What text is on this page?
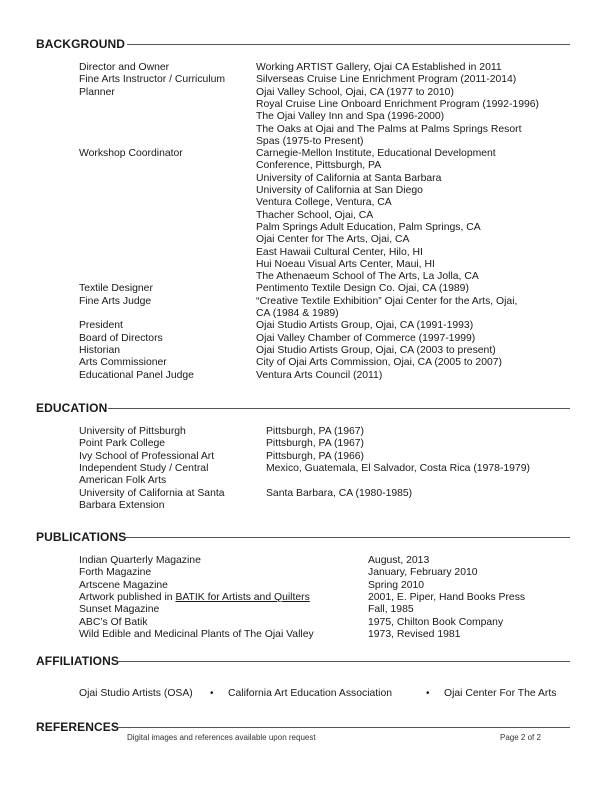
BACKGROUND
Director and Owner	Working ARTIST Gallery, Ojai CA Established in 2011
Fine Arts Instructor / Curriculum	Silverseas Cruise Line Enrichment Program (2011-2014)
Planner	Ojai Valley School, Ojai, CA (1977 to 2010)
Royal Cruise Line Onboard Enrichment Program (1992-1996)
The Ojai Valley Inn and Spa (1996-2000)
The Oaks at Ojai and The Palms at Palms Springs Resort
Spas (1975-to Present)
Workshop Coordinator	Carnegie-Mellon Institute, Educational Development
Conference, Pittsburgh, PA
University of California at Santa Barbara
University of California at San Diego
Ventura College, Ventura, CA
Thacher School, Ojai, CA
Palm Springs Adult Education, Palm Springs, CA
Ojai Center for The Arts, Ojai, CA
East Hawaii Cultural Center, Hilo, HI
Hui Noeau Visual Arts Center, Maui, HI
The Athenaeum School of The Arts, La Jolla, CA
Textile Designer	Pentimento Textile Design Co. Ojai, CA (1989)
Fine Arts Judge	“Creative Textile Exhibition” Ojai Center for the Arts, Ojai,
CA (1984 & 1989)
President	Ojai Studio Artists Group, Ojai, CA (1991-1993)
Board of Directors	Ojai Valley Chamber of Commerce (1997-1999)
Historian	Ojai Studio Artists Group, Ojai, CA (2003 to present)
Arts Commissioner	City of Ojai Arts Commission, Ojai, CA (2005 to 2007)
Educational Panel Judge	Ventura Arts Council (2011)
EDUCATION
University of Pittsburgh	Pittsburgh, PA (1967)
Point Park College	Pittsburgh, PA (1967)
Ivy School of Professional Art	Pittsburgh, PA (1966)
Independent Study / Central	Mexico, Guatemala, El Salvador, Costa Rica (1978-1979)
American Folk Arts
University of California at Santa	Santa Barbara, CA (1980-1985)
Barbara Extension
PUBLICATIONS
Indian Quarterly Magazine	August, 2013
Forth Magazine	January, February 2010
Artscene Magazine	Spring 2010
Artwork published in BATIK for Artists and Quilters	2001, E. Piper, Hand Books Press
Sunset Magazine	Fall, 1985
ABC’s Of Batik	1975, Chilton Book Company
Wild Edible and Medicinal Plants of The Ojai Valley	1973, Revised 1981
AFFILIATIONS
Ojai Studio Artists (OSA) • California Art Education Association	• Ojai Center For The Arts
REFERENCES
Digital images and references available upon request	Page 2 of 2
